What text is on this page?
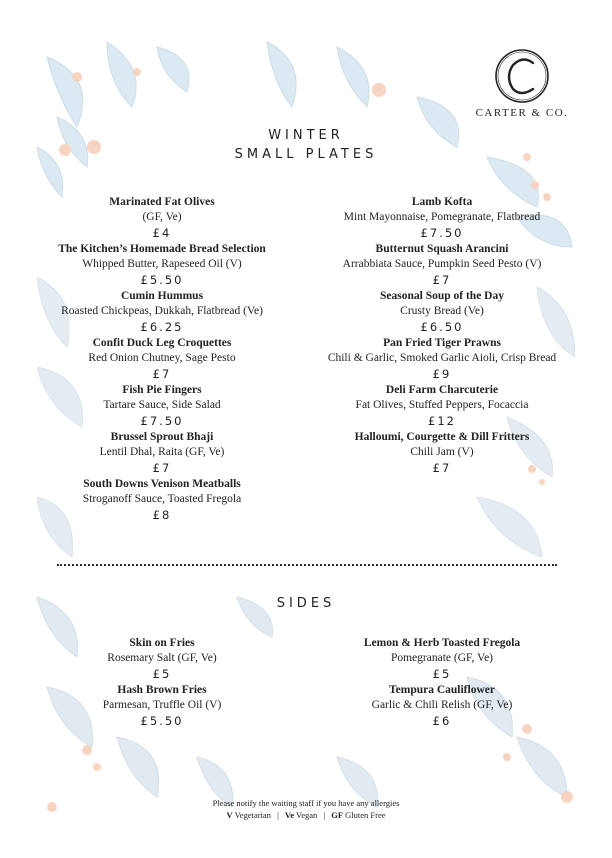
CARTER & CO.
WINTER
SMALL PLATES
Marinated Fat Olives
(GF, Ve)
£4
The Kitchen’s Homemade Bread Selection
Whipped Butter, Rapeseed Oil (V)
£5.50
Cumin Hummus
Roasted Chickpeas, Dukkah, Flatbread (Ve)
£6.25
Confit Duck Leg Croquettes
Red Onion Chutney, Sage Pesto
£7
Fish Pie Fingers
Tartare Sauce, Side Salad
£7.50
Brussel Sprout Bhaji
Lentil Dhal, Raita (GF, Ve)
£7
South Downs Venison Meatballs
Stroganoff Sauce, Toasted Fregola
£8
Lamb Kofta
Mint Mayonnaise, Pomegranate, Flatbread
£7.50
Butternut Squash Arancini
Arrabbiata Sauce, Pumpkin Seed Pesto (V)
£7
Seasonal Soup of the Day
Crusty Bread (Ve)
£6.50
Pan Fried Tiger Prawns
Chili & Garlic, Smoked Garlic Aioli, Crisp Bread
£9
Deli Farm Charcuterie
Fat Olives, Stuffed Peppers, Focaccia
£12
Halloumi, Courgette & Dill Fritters
Chili Jam (V)
£7
SIDES
Skin on Fries
Rosemary Salt (GF, Ve)
£5
Hash Brown Fries
Parmesan, Truffle Oil (V)
£5.50
Lemon & Herb Toasted Fregola
Pomegranate (GF, Ve)
£5
Tempura Cauliflower
Garlic & Chili Relish (GF, Ve)
£6
Please notify the waiting staff if you have any allergies
V Vegetarian | Ve Vegan | GF Gluten Free
